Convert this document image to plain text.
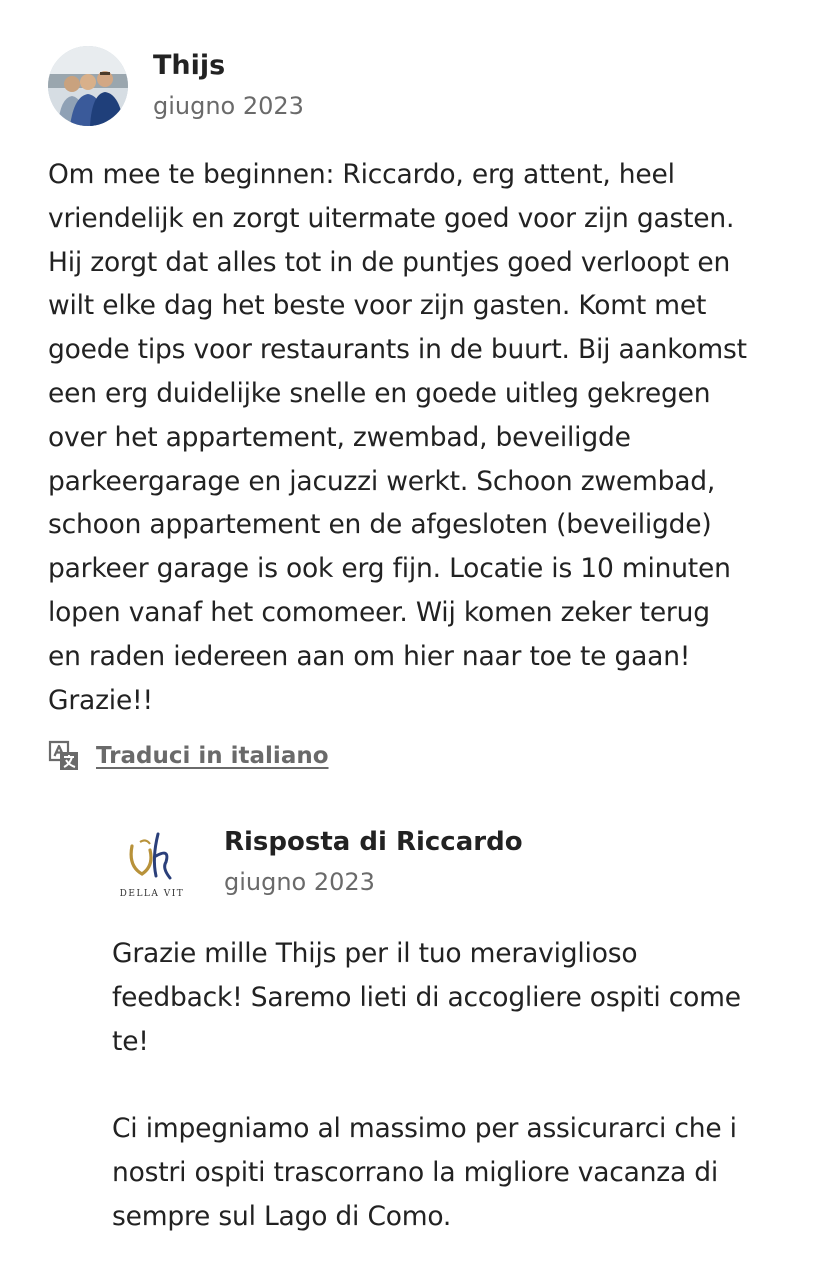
Thijs
giugno 2023
Om mee te beginnen: Riccardo, erg attent, heel
vriendelijk en zorgt uitermate goed voor zijn gasten.
Hij zorgt dat alles tot in de puntjes goed verloopt en
wilt elke dag het beste voor zijn gasten. Komt met
goede tips voor restaurants in de buurt. Bij aankomst
een erg duidelijke snelle en goede uitleg gekregen
over het appartement, zwembad, beveiligde
parkeergarage en jacuzzi werkt. Schoon zwembad,
schoon appartement en de afgesloten (beveiligde)
parkeer garage is ook erg fijn. Locatie is 10 minuten
lopen vanaf het comomeer. Wij komen zeker terug
en raden iedereen aan om hier naar toe te gaan!
Grazie!!
Traduci in italiano
DELLA VIT
Risposta di Riccardo
giugno 2023
Grazie mille Thijs per il tuo meraviglioso
feedback! Saremo lieti di accogliere ospiti come
te!

Ci impegniamo al massimo per assicurarci che i
nostri ospiti trascorrano la migliore vacanza di
sempre sul Lago di Como.
